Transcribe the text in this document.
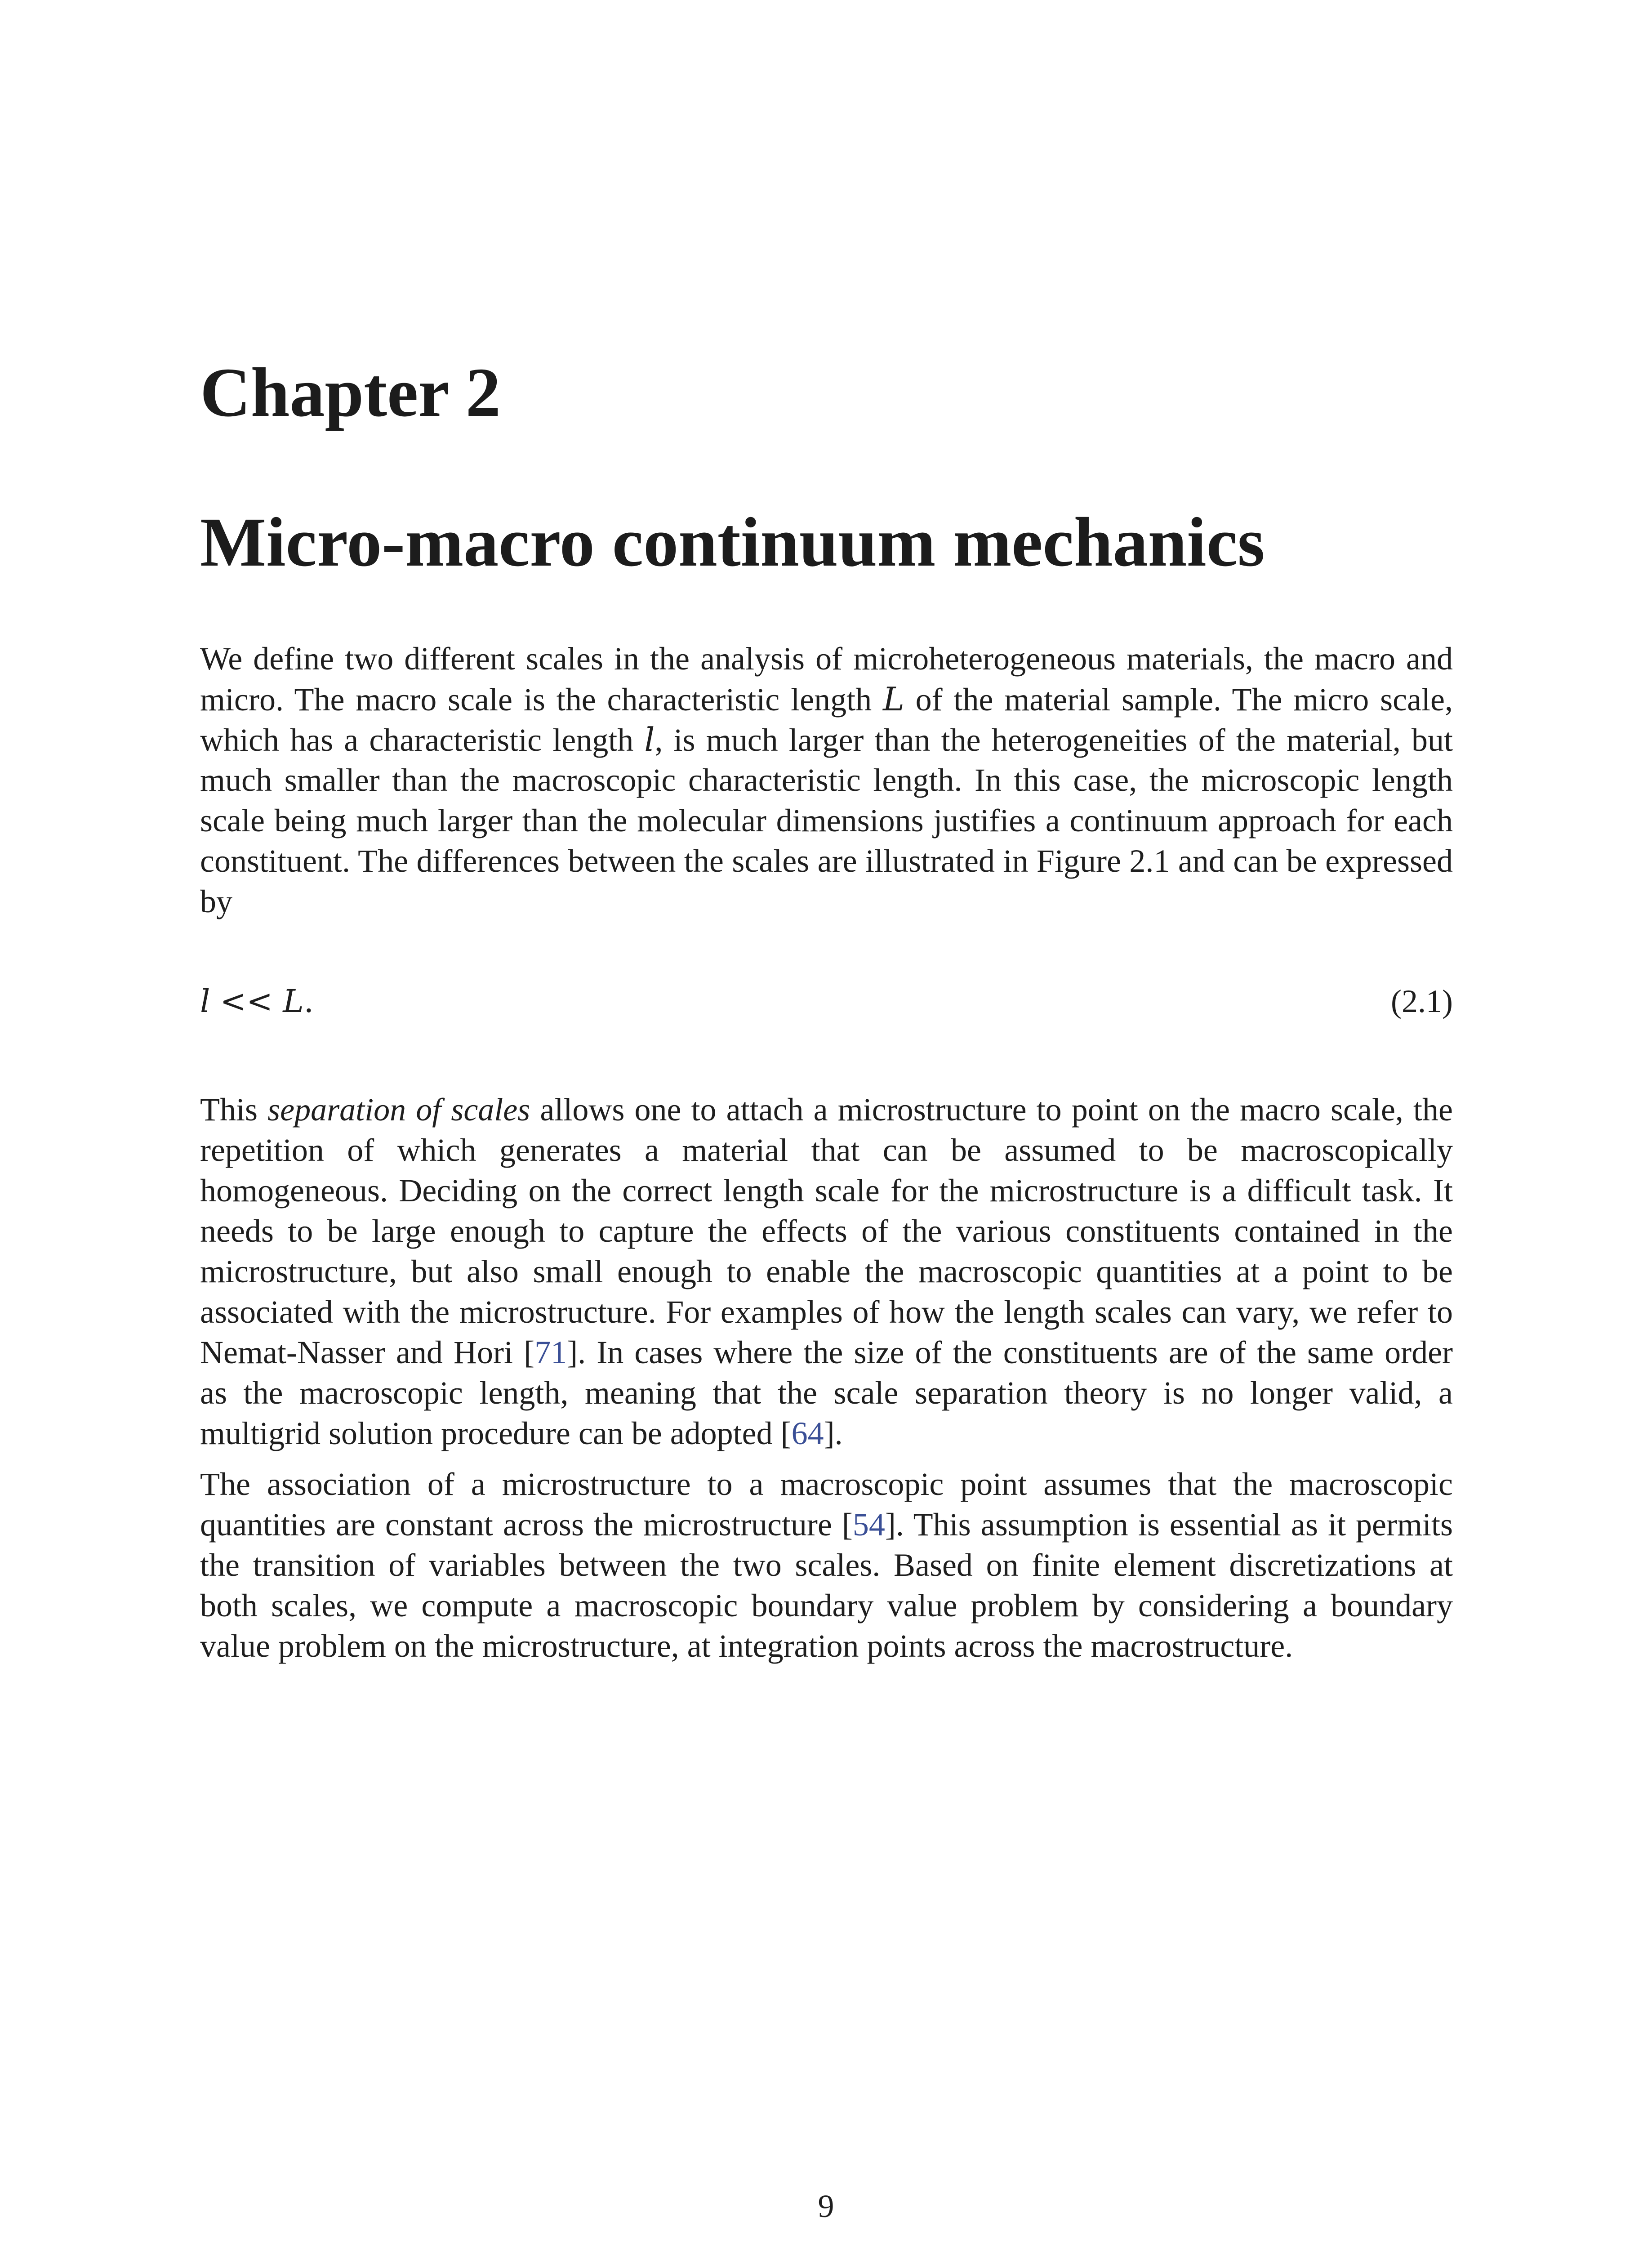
Chapter 2
Micro-macro continuum mechanics

We define two different scales in the analysis of microheterogeneous materials, the macro and
micro. The macro scale is the characteristic length L of the material sample. The micro scale,
which has a characteristic length l, is much larger than the heterogeneities of the material, but
much smaller than the macroscopic characteristic length. In this case, the microscopic length
scale being much larger than the molecular dimensions justifies a continuum approach for each
constituent. The differences between the scales are illustrated in Figure 2.1 and can be expressed
by

l << L.	(2.1)

This separation of scales allows one to attach a microstructure to point on the macro scale, the
repetition of which generates a material that can be assumed to be macroscopically
homogeneous. Deciding on the correct length scale for the microstructure is a difficult task. It
needs to be large enough to capture the effects of the various constituents contained in the
microstructure, but also small enough to enable the macroscopic quantities at a point to be
associated with the microstructure. For examples of how the length scales can vary, we refer to
Nemat-Nasser and Hori [71]. In cases where the size of the constituents are of the same order
as the macroscopic length, meaning that the scale separation theory is no longer valid, a
multigrid solution procedure can be adopted [64].

The association of a microstructure to a macroscopic point assumes that the macroscopic
quantities are constant across the microstructure [54]. This assumption is essential as it permits
the transition of variables between the two scales. Based on finite element discretizations at
both scales, we compute a macroscopic boundary value problem by considering a boundary
value problem on the microstructure, at integration points across the macrostructure.

9
